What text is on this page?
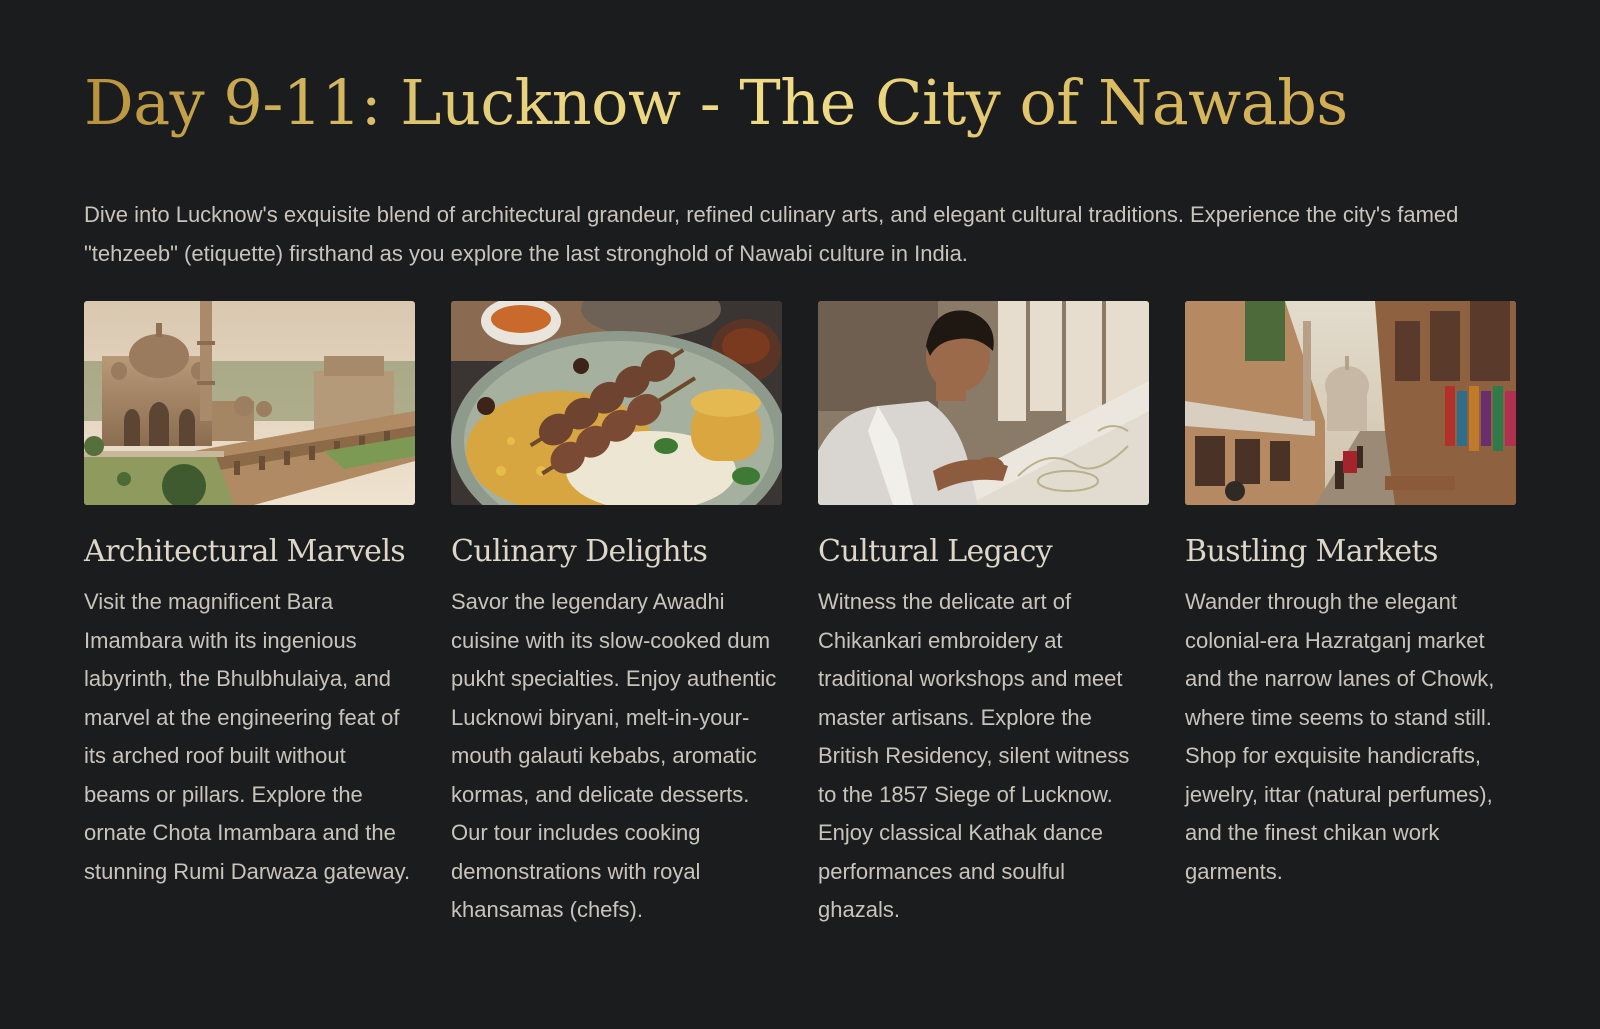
Day 9-11: Lucknow - The City of Nawabs

Dive into Lucknow's exquisite blend of architectural grandeur, refined culinary arts, and elegant cultural traditions. Experience the city's famed "tehzeeb" (etiquette) firsthand as you explore the last stronghold of Nawabi culture in India.

Architectural Marvels

Visit the magnificent Bara Imambara with its ingenious labyrinth, the Bhulbhulaiya, and marvel at the engineering feat of its arched roof built without beams or pillars. Explore the ornate Chota Imambara and the stunning Rumi Darwaza gateway.

Culinary Delights

Savor the legendary Awadhi cuisine with its slow-cooked dum pukht specialties. Enjoy authentic Lucknowi biryani, melt-in-your-mouth galauti kebabs, aromatic kormas, and delicate desserts. Our tour includes cooking demonstrations with royal khansamas (chefs).

Cultural Legacy

Witness the delicate art of Chikankari embroidery at traditional workshops and meet master artisans. Explore the British Residency, silent witness to the 1857 Siege of Lucknow. Enjoy classical Kathak dance performances and soulful ghazals.

Bustling Markets

Wander through the elegant colonial-era Hazratganj market and the narrow lanes of Chowk, where time seems to stand still. Shop for exquisite handicrafts, jewelry, ittar (natural perfumes), and the finest chikan work garments.
